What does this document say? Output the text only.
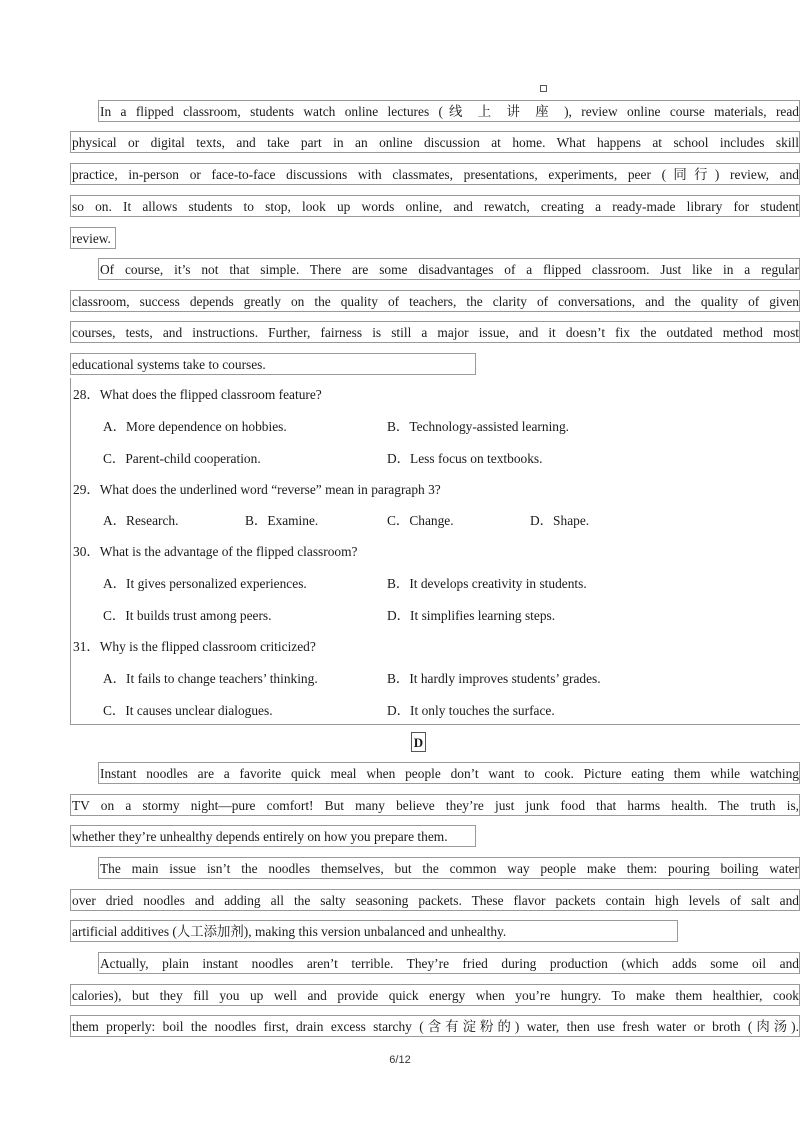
In a flipped classroom, students watch online lectures (线 上 讲 座 ), review online course materials, read
physical or digital texts, and take part in an online discussion at home. What happens at school includes skill
practice, in-person or face-to-face discussions with classmates, presentations, experiments, peer (同行) review, and
so on. It allows students to stop, look up words online, and rewatch, creating a ready-made library for student
review.
Of course, it’s not that simple. There are some disadvantages of a flipped classroom. Just like in a regular
classroom, success depends greatly on the quality of teachers, the clarity of conversations, and the quality of given
courses, tests, and instructions. Further, fairness is still a major issue, and it doesn’t fix the outdated method most
educational systems take to courses.
28．What does the flipped classroom feature?
A．More dependence on hobbies.	B．Technology-assisted learning.
C．Parent-child cooperation.	D．Less focus on textbooks.
29．What does the underlined word “reverse” mean in paragraph 3?
A．Research.	B．Examine.	C．Change.	D．Shape.
30．What is the advantage of the flipped classroom?
A．It gives personalized experiences.	B．It develops creativity in students.
C．It builds trust among peers.	D．It simplifies learning steps.
31．Why is the flipped classroom criticized?
A．It fails to change teachers’ thinking.	B．It hardly improves students’ grades.
C．It causes unclear dialogues.	D．It only touches the surface.
D
Instant noodles are a favorite quick meal when people don’t want to cook. Picture eating them while watching
TV on a stormy night—pure comfort! But many believe they’re just junk food that harms health. The truth is,
whether they’re unhealthy depends entirely on how you prepare them.
The main issue isn’t the noodles themselves, but the common way people make them: pouring boiling water
over dried noodles and adding all the salty seasoning packets. These flavor packets contain high levels of salt and
artificial additives (人工添加剂), making this version unbalanced and unhealthy.
Actually, plain instant noodles aren’t terrible. They’re fried during production (which adds some oil and
calories), but they fill you up well and provide quick energy when you’re hungry. To make them healthier, cook
them properly: boil the noodles first, drain excess starchy (含有淀粉的) water, then use fresh water or broth (肉汤).
6/12
